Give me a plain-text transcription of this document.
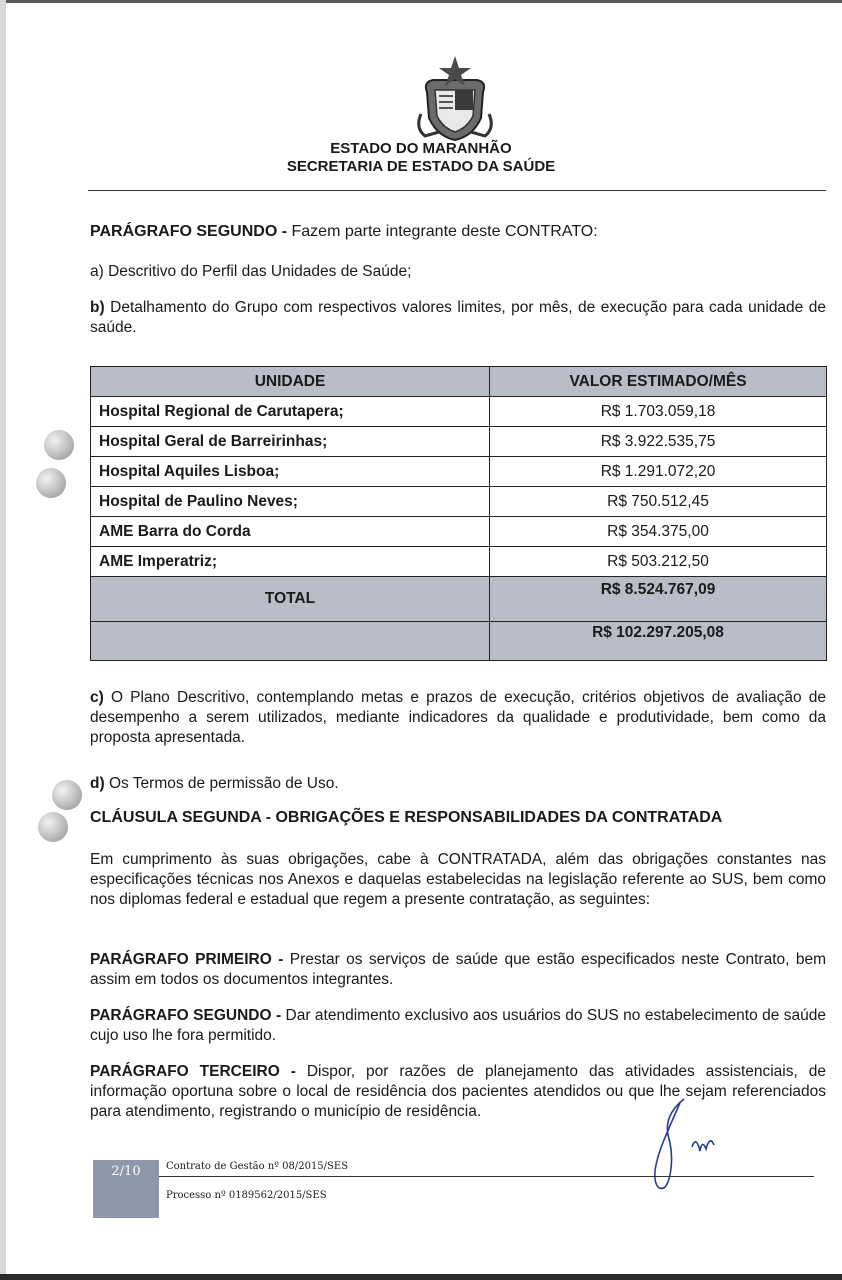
ESTADO DO MARANHÃO
SECRETARIA DE ESTADO DA SAÚDE
PARÁGRAFO SEGUNDO - Fazem parte integrante deste CONTRATO:
a) Descritivo do Perfil das Unidades de Saúde;
b) Detalhamento do Grupo com respectivos valores limites, por mês, de execução para cada unidade de saúde.
UNIDADE	VALOR ESTIMADO/MÊS
Hospital Regional de Carutapera;	R$ 1.703.059,18
Hospital Geral de Barreirinhas;	R$ 3.922.535,75
Hospital Aquiles Lisboa;	R$ 1.291.072,20
Hospital de Paulino Neves;	R$ 750.512,45
AME Barra do Corda	R$ 354.375,00
AME Imperatriz;	R$ 503.212,50
TOTAL	R$ 8.524.767,09
	R$ 102.297.205,08
c) O Plano Descritivo, contemplando metas e prazos de execução, critérios objetivos de avaliação de desempenho a serem utilizados, mediante indicadores da qualidade e produtividade, bem como da proposta apresentada.
d) Os Termos de permissão de Uso.
CLÁUSULA SEGUNDA - OBRIGAÇÕES E RESPONSABILIDADES DA CONTRATADA
Em cumprimento às suas obrigações, cabe à CONTRATADA, além das obrigações constantes nas especificações técnicas nos Anexos e daquelas estabelecidas na legislação referente ao SUS, bem como nos diplomas federal e estadual que regem a presente contratação, as seguintes:
PARÁGRAFO PRIMEIRO - Prestar os serviços de saúde que estão especificados neste Contrato, bem assim em todos os documentos integrantes.
PARÁGRAFO SEGUNDO - Dar atendimento exclusivo aos usuários do SUS no estabelecimento de saúde cujo uso lhe fora permitido.
PARÁGRAFO TERCEIRO - Dispor, por razões de planejamento das atividades assistenciais, de informação oportuna sobre o local de residência dos pacientes atendidos ou que lhe sejam referenciados para atendimento, registrando o município de residência.
2/10	Contrato de Gestão nº 08/2015/SES
Processo nº 0189562/2015/SES
